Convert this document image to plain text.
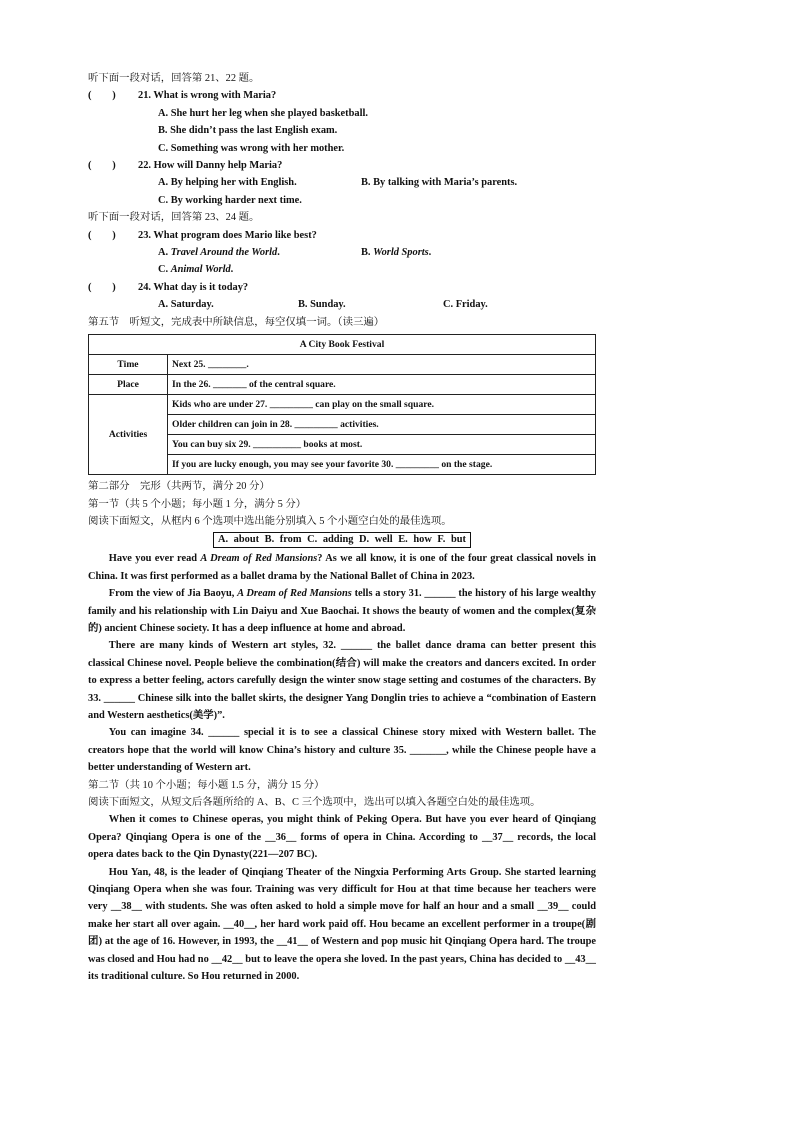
听下面一段对话，回答第 21、22 题。
(        )	21. What is wrong with Maria?
A. She hurt her leg when she played basketball.
B. She didn’t pass the last English exam.
C. Something was wrong with her mother.
(        )	22. How will Danny help Maria?
A. By helping her with English.	B. By talking with Maria’s parents.
C. By working harder next time.
听下面一段对话，回答第 23、24 题。
(        )	23. What program does Mario like best?
A. Travel Around the World.	B. World Sports.
C. Animal World.
(        )	24. What day is it today?
A. Saturday.	B. Sunday.	C. Friday.
第五节　听短文，完成表中所缺信息，每空仅填一词。（读三遍）
A City Book Festival	
Time	Next 25. ________.
Place	In the 26. _______ of the central square.
Activities	Kids who are under 27. _________ can play on the small square.
	Older children can join in 28. _________ activities.
	You can buy six 29. __________ books at most.
	If you are lucky enough, you may see your favorite 30. _________ on the stage.
第二部分　完形（共两节，满分 20 分）
第一节（共 5 个小题；每小题 1 分，满分 5 分）
阅读下面短文，从框内 6 个选项中选出能分别填入 5 个小题空白处的最佳选项。
A. about B. from C. adding D. well E. how F. but

Have you ever read A Dream of Red Mansions? As we all know, it is one of the four great classical novels in China. It was first performed as a ballet drama by the National Ballet of China in 2023.

From the view of Jia Baoyu, A Dream of Red Mansions tells a story 31. ______ the history of his large wealthy family and his relationship with Lin Daiyu and Xue Baochai. It shows the beauty of women and the complex(复杂的) ancient Chinese society. It has a deep influence at home and abroad.

There are many kinds of Western art styles, 32. ______ the ballet dance drama can better present this classical Chinese novel. People believe the combination(结合) will make the creators and dancers excited. In order to express a better feeling, actors carefully design the winter snow stage setting and costumes of the characters. By 33. ______ Chinese silk into the ballet skirts, the designer Yang Donglin tries to achieve a “combination of Eastern and Western aesthetics(美学)”.

You can imagine 34. ______ special it is to see a classical Chinese story mixed with Western ballet. The creators hope that the world will know China’s history and culture 35. _______, while the Chinese people have a better understanding of Western art.

第二节（共 10 个小题；每小题 1.5 分，满分 15 分）
阅读下面短文，从短文后各题所给的 A、B、C 三个选项中，选出可以填入各题空白处的最佳选项。

When it comes to Chinese operas, you might think of Peking Opera. But have you ever heard of Qinqiang Opera? Qinqiang Opera is one of the __36__ forms of opera in China. According to __37__ records, the local opera dates back to the Qin Dynasty(221—207 BC).

Hou Yan, 48, is the leader of Qinqiang Theater of the Ningxia Performing Arts Group. She started learning Qinqiang Opera when she was four. Training was very difficult for Hou at that time because her teachers were very __38__ with students. She was often asked to hold a simple move for half an hour and a small __39__ could make her start all over again. __40__, her hard work paid off. Hou became an excellent performer in a troupe(剧团) at the age of 16. However, in 1993, the __41__ of Western and pop music hit Qinqiang Opera hard. The troupe was closed and Hou had no __42__ but to leave the opera she loved. In the past years, China has decided to __43__ its traditional culture. So Hou returned in 2000.
